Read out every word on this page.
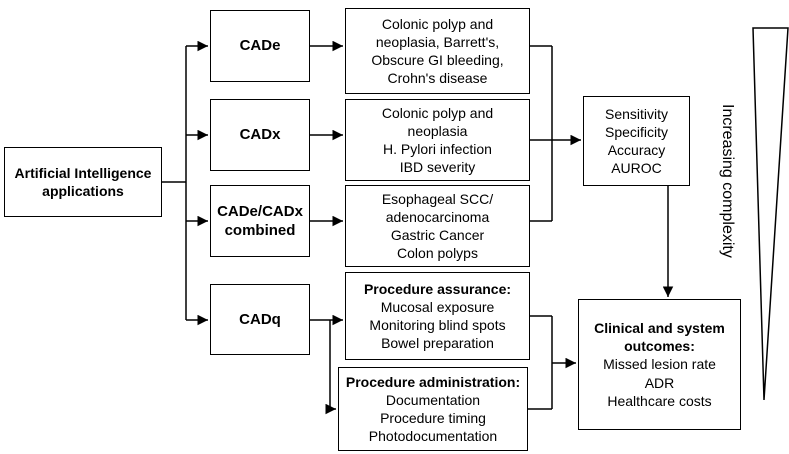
Artificial Intelligence
applications
CADe
CADx
CADe/CADx
combined
CADq
Colonic polyp and
neoplasia, Barrett's,
Obscure GI bleeding,
Crohn's disease
Colonic polyp and
neoplasia
H. Pylori infection
IBD severity
Esophageal SCC/
adenocarcinoma
Gastric Cancer
Colon polyps
Procedure assurance:
Mucosal exposure
Monitoring blind spots
Bowel preparation
Procedure administration:
Documentation
Procedure timing
Photodocumentation
Sensitivity
Specificity
Accuracy
AUROC
Clinical and system
outcomes:
Missed lesion rate
ADR
Healthcare costs
Increasing complexity
